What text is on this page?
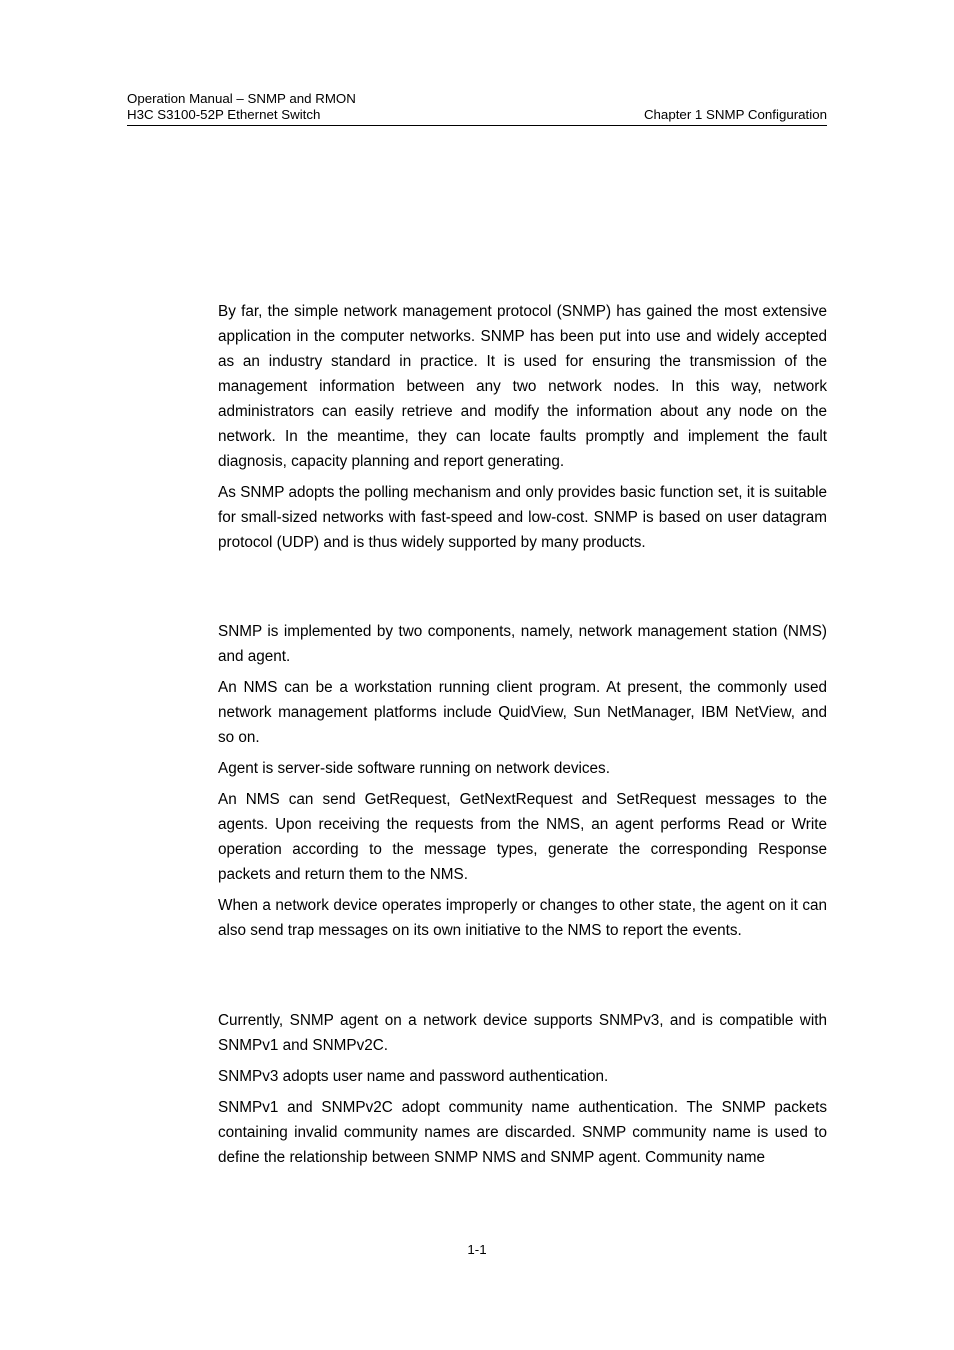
Operation Manual – SNMP and RMON
H3C S3100-52P Ethernet Switch	Chapter 1 SNMP Configuration

By far, the simple network management protocol (SNMP) has gained the most extensive application in the computer networks. SNMP has been put into use and widely accepted as an industry standard in practice. It is used for ensuring the transmission of the management information between any two network nodes. In this way, network administrators can easily retrieve and modify the information about any node on the network. In the meantime, they can locate faults promptly and implement the fault diagnosis, capacity planning and report generating.

As SNMP adopts the polling mechanism and only provides basic function set, it is suitable for small-sized networks with fast-speed and low-cost. SNMP is based on user datagram protocol (UDP) and is thus widely supported by many products.

SNMP is implemented by two components, namely, network management station (NMS) and agent.

An NMS can be a workstation running client program. At present, the commonly used network management platforms include QuidView, Sun NetManager, IBM NetView, and so on.

Agent is server-side software running on network devices.

An NMS can send GetRequest, GetNextRequest and SetRequest messages to the agents. Upon receiving the requests from the NMS, an agent performs Read or Write operation according to the message types, generate the corresponding Response packets and return them to the NMS.

When a network device operates improperly or changes to other state, the agent on it can also send trap messages on its own initiative to the NMS to report the events.

Currently, SNMP agent on a network device supports SNMPv3, and is compatible with SNMPv1 and SNMPv2C.

SNMPv3 adopts user name and password authentication.

SNMPv1 and SNMPv2C adopt community name authentication. The SNMP packets containing invalid community names are discarded. SNMP community name is used to define the relationship between SNMP NMS and SNMP agent. Community name

1-1
